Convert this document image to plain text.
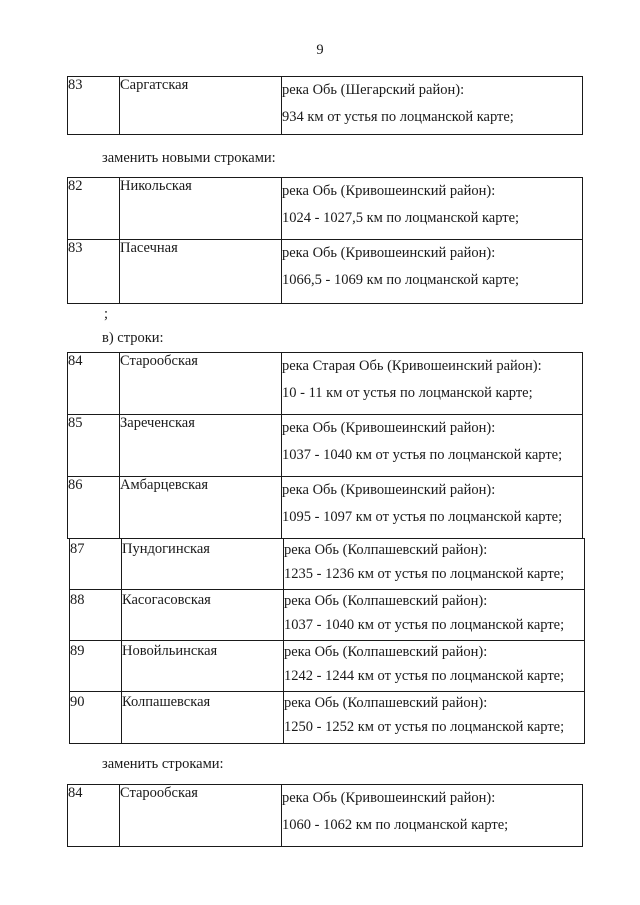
9
83	Саргатская	река Обь (Шегарский район):
934 км от устья по лоцманской карте;
заменить новыми строками:
82	Никольская	река Обь (Кривошеинский район):
1024 - 1027,5 км по лоцманской карте;

83	Пасечная	река Обь (Кривошеинский район):
1066,5 - 1069 км по лоцманской карте;
;
в) строки:
84	Старообская	река Старая Обь (Кривошеинский район):
10 - 11 км от устья по лоцманской карте;

85	Зареченская	река Обь (Кривошеинский район):
1037 - 1040 км от устья по лоцманской карте;

86	Амбарцевская	река Обь (Кривошеинский район):
1095 - 1097 км от устья по лоцманской карте;
87	Пундогинская	река Обь (Колпашевский район):
1235 - 1236 км от устья по лоцманской карте;

88	Касогасовская	река Обь (Колпашевский район):
1037 - 1040 км от устья по лоцманской карте;

89	Новойльинская	река Обь (Колпашевский район):
1242 - 1244 км от устья по лоцманской карте;

90	Колпашевская	река Обь (Колпашевский район):
1250 - 1252 км от устья по лоцманской карте;
заменить строками:
84	Старообская	река Обь (Кривошеинский район):
1060 - 1062 км по лоцманской карте;
